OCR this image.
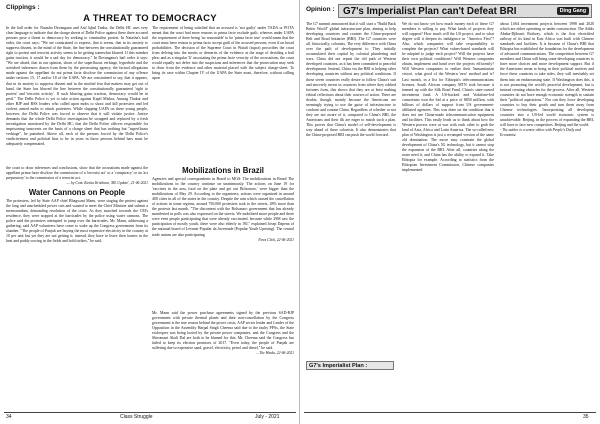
Clippings :
A THREAT TO DEMOCRACY

In the ball order for Natasha Devangana and Asif Iqbal Tanha, the Delhi HC uses very clear language to indicate that the charge sheets of Delhi Police against these three accused persons pose a threat to democracy by seeking to criminalise protest. In Natasha's bail order, the court says: "We are constrained to express, that it seems, that in its anxiety to suppress dissent, in the mind of the State, the line between the constitutionally guaranteed right to protest and terrorist activity seems to be getting somewhat blurred. If this mindset gains traction, it would be a sad day for democracy." In Devangana's bail order it says: "We are afraid, that in our opinion, shorn of the superfluous verbiage, hyperbole and the stretched inferences drawn from them by the prosecuting agency, the factual allegations made against the appellant do not prima facie disclose the commission of any offence under sections 15, 17 and/or 18 of the UAPA. We are constrained to say, that it appears, that in its anxiety to suppress dissent and in the morbid fear that matters may get out of hand, the State has blurred the line between the constitutionally guaranteed 'right to protest' and 'terrorist activity'. If such blurring gains traction, democracy would be in peril." The Delhi Police is yet to take action against Kapil Mishra, Anurag Thakur and other BJP and RSS leaders who called upon mobs to shoot and kill protesters and led violent, armed mobs to attack protesters. While slapping UAPA on these young people, however, the Delhi Police was forced to observe that it will violate justice. Justice demands that the whole Delhi Police investigation be scrapped and replaced by a fresh investigation monitored by the Delhi HC; that the Delhi Police officers responsible for imprisoning innocents on the basis of a charge sheet that has nothing but "superfluous verbiage", be punished. Above all, each of the persons forced by the Delhi Police's vindictiveness and political bias to be in years in those persons behind bars must be adequately compensated.

The requirement of being satisfied that an accused is 'not guilty' under TADA or POTA meant that the court had more reasons to prima facie exclude guilt; whereas under UAPA the requirement of there being 'no reasonable' to be 'prima facie true' would mean that the court must have reason to prima facie accept guilt of the accused persons, even if on broad probabilities. The decision of the Supreme Court in Watali (supra) proscribes the court from delving into the merits or demerits of the evidence at the stage of deciding a bail plea; and as a singular 'li' associating the prima facie veracity of the accusations, the court would equally not delve into the suspicions and inferences that the prosecution may seek to draw from the evidence and other material placed with the subject charge-sheet. To bring its case within Chapter IV of the UAPA the State must, therefore, without calling upon

the court to draw inferences and conclusions, show that the accusations made against the appellant prima facie disclose the commission of a 'terrorist act' or a 'conspiracy' or an 'act preparatory' to the commission of a terrorist act.

— by Com. Kavita Krishnan, 'ML Update', 21-06-2021

Water Cannons on People

The protesters, led by State AAP chief Bhagwant Mann, were staging the protest against the long and unscheduled power cuts and wanted to meet the Chief Minister and submit a memorandum, demanding resolution of the crisis. As they marched towards the CM's residence, they were stopped at the barricades by the police using water cannons. The police said the protesters attempted to jump over the barricades. Mr. Mann, addressing a gathering, said AAP volunteers have come to wake up the Congress government from its slumber. "The people of Punjab are buying the most expensive electricity in the country at 10 per unit but yet they are not getting it; instead, they have to leave their homes in the heat and paddy sowing in the fields and hold strikes," he said.

Mobilizations in Brazil

Agencies and special correspondents in Brazil to MGS: The mobilizations in Brazil The mobilizations in the country continue on unanimously. The actions on June 19 for 'vaccines in the arm, food on the plate and get out Bolsonaro,' were bigger than the mobilizations of May 29. According to the organizers, actions were organized in around 400 cities in all of the states in the country. Despite the rain which caused the cancellation of actions in some regions, around 750,000 protesters took to the streets, 28% more than the protests last month. "The discontent with the Bolsonaro government that has already manifested in polls was also expressed on the streets. We mobilized more people and there were even people participating that were already vaccinated, because while 29M saw the participation of mostly youth, there were also elderly in 19J," explained Josep Dapena of the national board of Levante Popular da Juventude [Popular Youth Uprising]. The central trade unions are also participating

News Click, 22-06-2021

Mr. Mann said the power purchase agreements signed by the previous SAD-BJP government with private thermal plants and their non-cancellation by the Congress government is the true reason behind the power crisis. AAP sector leader and Leader of the Opposition in the Assembly Harpal Singh Cheema said due to the faulty PPAs, the State exchequer was being looted by the private power companies, and the Congress and the Shiromani Akali Dal are both to be blamed for this. Mr. Cheema said the Congress has failed to keep its election promises of 2017. "Even today, the people of Punjab are suffering due to expensive sand, gravel, electricity, petrol and diesel," he said.

– The Hindu, 22-06-2021

34	Class Struggle	July - 2021
Opinion : G7's Imperialist Plan can't Defeat BRI	Ding Gang

The G7 summit announced that it will start a "Build Back Better World" global infrastructure plan, aiming to help developing countries and counter the China-proposed Belt and Road Initiative (BRI). The G7 countries were all, historically, colonists. The very difference with China over the path of development is: They initially accumulated their capital by colonial plundering and wars. China did not repeat the old path of Western developed countries, as it has been committed to peaceful development. Instead, China via the BRI is helping other developing countries without any political conditions. If those seven countries really desire to follow China's suit and sincerely invest in countries from where they robbed fortunes from, this shows that they are at least making ethical reflections about their courses of action. There are doubts, though, mainly because the Americans are seemingly trying to use the guise of infrastructure to confront and contain China. Regardless of whether or not they are not aware of it, compared to China's BRI, the Americans and their ilk are eager to match such a plan. This proves that China's model of self-development is way ahead of these colonists. It also demonstrates that the China-proposed BRI can push the world forward.

We do not know yet how much money each of these G7 members is willing to pay. What kinds of projects they will support? How much will the US project, and to what degree will it deepen its indulgence in "America First"? Also, which companies will take responsibility to complete the projects? What values-based standards will be adopted to judge each project? Will the projects have their own political conditions? Will Western companies obtain, implement and hand over the projects efficiently? Will Western companies to realize their 'humanitarian vision', what good of the Western 'new' method and is? Last month, in a list for Ethiopia's telecommunications licenses, South African company MTN took because it teamed up with the Silk Road Fund, China's state-owned investment fund. A US-backed and Vodafone-led consortium won the bid at a price of $850 million, with billions of dollars of support from US government-affiliated agencies. This was done on the condition that it does not use China-made telecommunication equipment and facilities. This easily leads us to think about how the Western powers were at war with each other to grab the land of Asia, Africa and Latin America. The so-called new plan of Washington is just a revamped version of the same old domination. The move may constrain the global development of China's 5G technology, but it cannot stop the expansion of the BRI. After all, countries along the route need it, and China has the ability to expand it. Take Ethiopia for example. According to statistics from the Ethiopian Investment Commission, Chinese companies implemented

about 1,664 investment projects between 1998 and 2020 which are either operating or under construction. The Addis Ababa-Djibouti Railway, which is the first electrified railway of its kind in East Africa was built with Chinese standards and facilities. It is because of China's BRI that Ethiopia has established the foundation for the development of advanced communications. The competition between G7 members and China will bring some developing countries to have more choices and more development support. But if the Americans mean to bring in their political motives and force these countries to take sides, they will inevitably set them into an embarrassing state. If Washington does this, it is not promoting the world's peaceful development, but is instead creating obstacles for the process. After all, Western countries do not have enough economic strength to sustain their "political aspirations." Nor can they force developing countries to buy their goods and turn them away from Chinese technologies. Incorporating all developing countries into a US-led world economic system is unachievable. Beijing, in the process of expanding the BRI, will have to face new competitors. Beijing and the world.

- The author is a senior editor with People's Daily and Economist.

G7's Imperialist Plan :
35
